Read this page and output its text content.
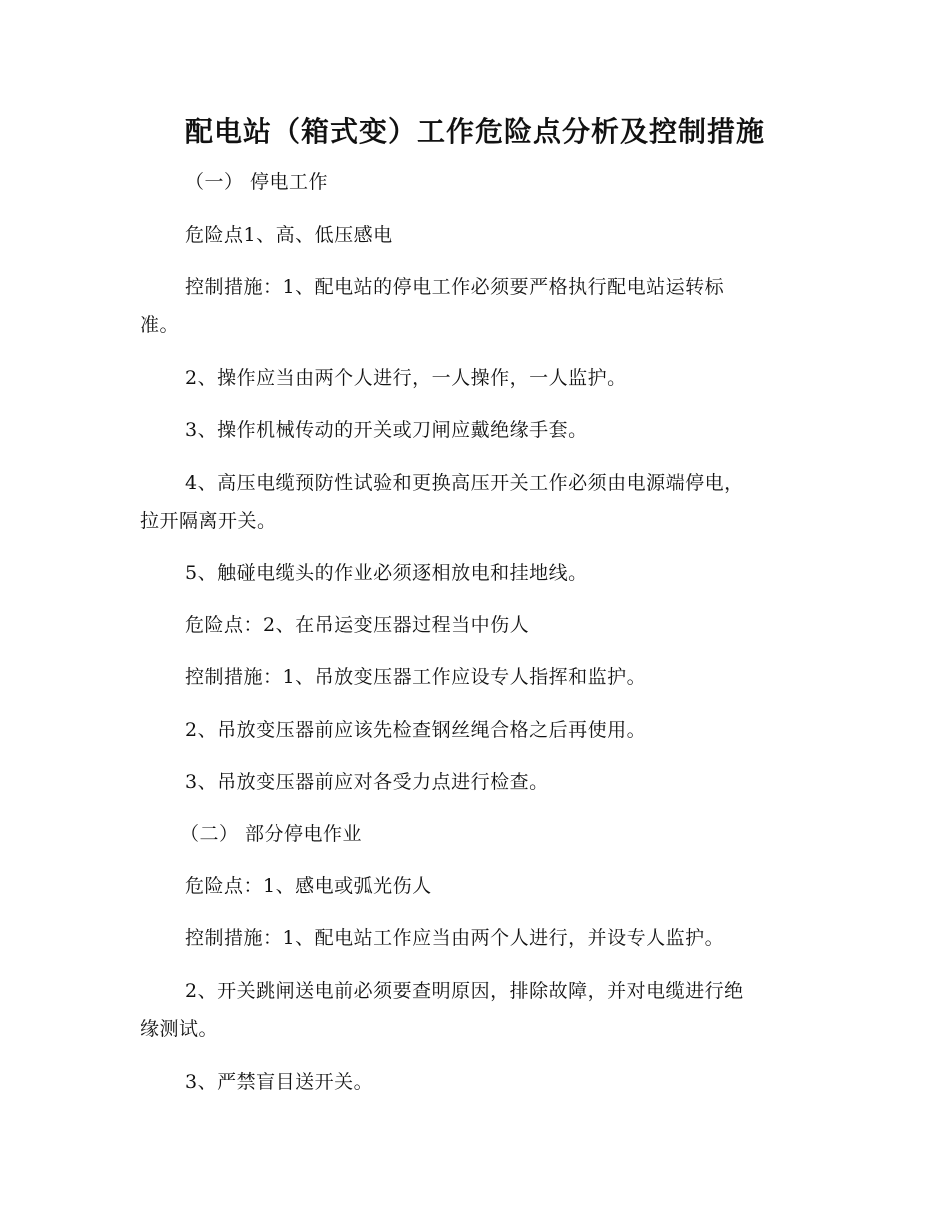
配电站（箱式变）工作危险点分析及控制措施

（一） 停电工作

危险点1、高、低压感电

控制措施：1、配电站的停电工作必须要严格执行配电站运转标

准。

2、操作应当由两个人进行，一人操作，一人监护。

3、操作机械传动的开关或刀闸应戴绝缘手套。

4、高压电缆预防性试验和更换高压开关工作必须由电源端停电，

拉开隔离开关。

5、触碰电缆头的作业必须逐相放电和挂地线。

危险点：2、在吊运变压器过程当中伤人

控制措施：1、吊放变压器工作应设专人指挥和监护。

2、吊放变压器前应该先检查钢丝绳合格之后再使用。

3、吊放变压器前应对各受力点进行检查。

（二） 部分停电作业

危险点：1、感电或弧光伤人

控制措施：1、配电站工作应当由两个人进行，并设专人监护。

2、开关跳闸送电前必须要查明原因，排除故障，并对电缆进行绝

缘测试。

3、严禁盲目送开关。
